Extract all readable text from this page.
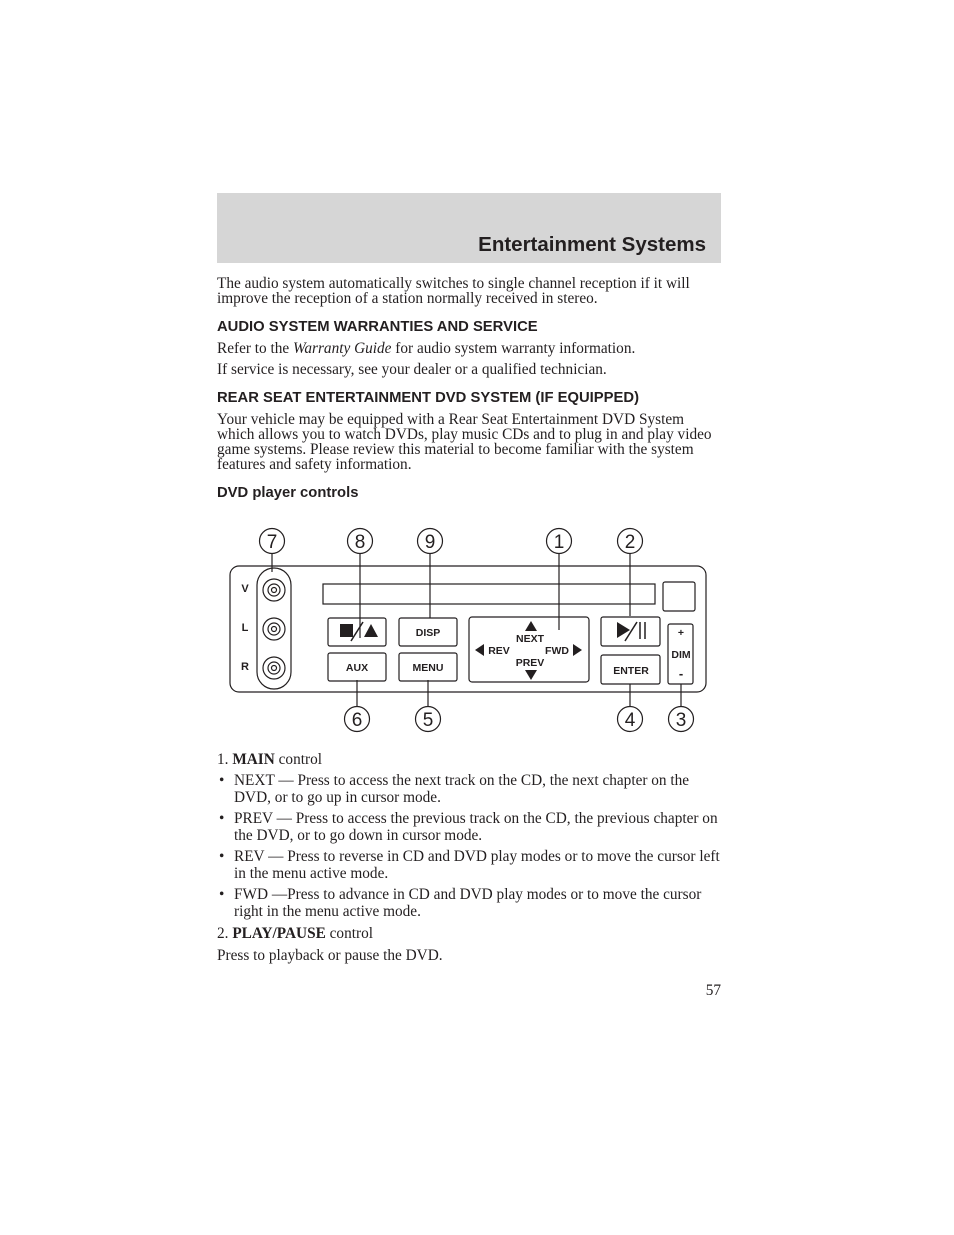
Entertainment Systems

The audio system automatically switches to single channel reception if it will improve the reception of a station normally received in stereo.

AUDIO SYSTEM WARRANTIES AND SERVICE

Refer to the Warranty Guide for audio system warranty information.

If service is necessary, see your dealer or a qualified technician.

REAR SEAT ENTERTAINMENT DVD SYSTEM (IF EQUIPPED)

Your vehicle may be equipped with a Rear Seat Entertainment DVD System which allows you to watch DVDs, play music CDs and to plug in and play video game systems. Please review this material to become familiar with the system features and safety information.

DVD player controls
7	8	9	1	2
6	5	4 3
V
L
R
DISP
AUX	MENU	ENTER
NEXT
PREV
REV	FWD	DIM
+
-
1. MAIN control
• NEXT — Press to access the next track on the CD, the next chapter on the DVD, or to go up in cursor mode.
• PREV — Press to access the previous track on the CD, the previous chapter on the DVD, or to go down in cursor mode.
• REV — Press to reverse in CD and DVD play modes or to move the cursor left in the menu active mode.
• FWD —Press to advance in CD and DVD play modes or to move the cursor right in the menu active mode.
2. PLAY/PAUSE control

Press to playback or pause the DVD.

57
